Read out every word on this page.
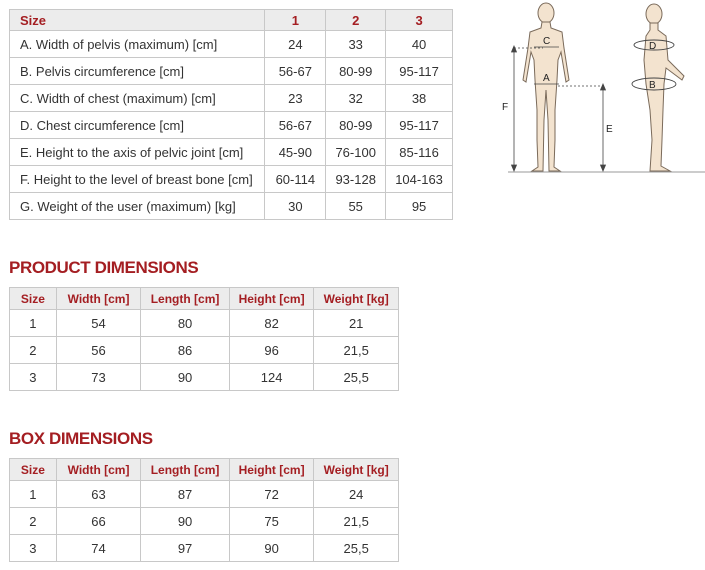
Size	1	2	3
A. Width of pelvis (maximum) [cm]	24	33	40
B. Pelvis circumference [cm]	56-67	80-99	95-117
C. Width of chest (maximum) [cm]	23	32	38
D. Chest circumference [cm]	56-67	80-99	95-117
E. Height to the axis of pelvic joint [cm]	45-90	76-100	85-116
F. Height to the level of breast bone [cm]	60-114	93-128	104-163
G. Weight of the user (maximum) [kg]	30	55	95
C
A
F
E
D
B
PRODUCT DIMENSIONS
Size	Width [cm]	Length [cm]	Height [cm]	Weight [kg]
1	54	80	82	21
2	56	86	96	21,5
3	73	90	124	25,5
BOX DIMENSIONS
Size	Width [cm]	Length [cm]	Height [cm]	Weight [kg]
1	63	87	72	24
2	66	90	75	21,5
3	74	97	90	25,5
